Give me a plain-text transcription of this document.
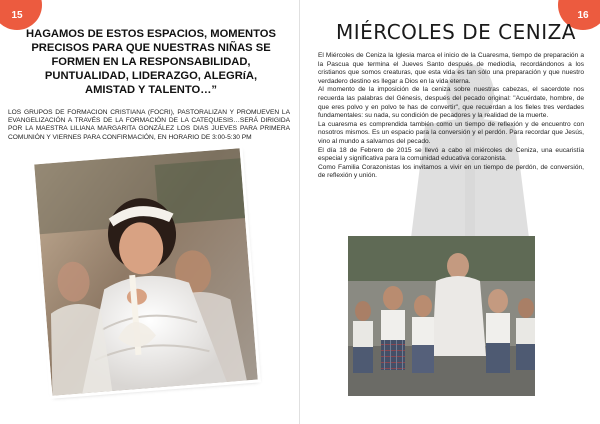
15
HAGAMOS DE ESTOS ESPACIOS, MOMENTOS PRECISOS PARA QUE NUESTRAS NIÑAS SE FORMEN EN LA RESPONSABILIDAD, PUNTUALIDAD, LIDERAZGO, ALEGRíA, AMISTAD Y TALENTO…”
LOS GRUPOS DE FORMACION CRISTIANA (FOCRI), PASTORALIZAN Y PROMUEVEN LA EVANGELIZACIÓN A TRAVÉS DE LA FORMACIÓN DE LA CATEQUESIS…SERÁ DIRIGIDA POR LA MAESTRA LILIANA MARGARITA GONZÁLEZ LOS DIAS JUEVES PARA PRIMERA COMUNIÓN Y VIERNES PARA CONFIRMACIÓN, EN HORARIO DE 3:00-5:30 PM
16
MIÉRCOLES DE CENIZA

El Miércoles de Ceniza la Iglesia marca el inicio de la Cuaresma, tiempo de preparación a la Pascua que termina el Jueves Santo después de mediodía, recordándonos a los cristianos que somos creaturas, que esta vida es tan sólo una preparación y que nuestro verdadero destino es llegar a Dios en la vida eterna.

Al momento de la imposición de la ceniza sobre nuestras cabezas, el sacerdote nos recuerda las palabras del Génesis, después del pecado original: "Acuérdate, hombre, de que eres polvo y en polvo te has de convertir", que recuerdan a los fieles tres verdades fundamentales: su nada, su condición de pecadores y la realidad de la muerte.

La cuaresma es comprendida también como un tiempo de reflexión y de encuentro con nosotros mismos. Es un espacio para la conversión y el perdón. Para recordar que Jesús, vino al mundo a salvarnos del pecado.

El día 18 de Febrero de 2015 se llevó a cabo el miércoles de Ceniza, una eucaristía especial y significativa para la comunidad educativa corazonista.

Como Familia Corazonistas los invitamos a vivir en un tiempo de perdón, de conversión, de reflexión y unión.
